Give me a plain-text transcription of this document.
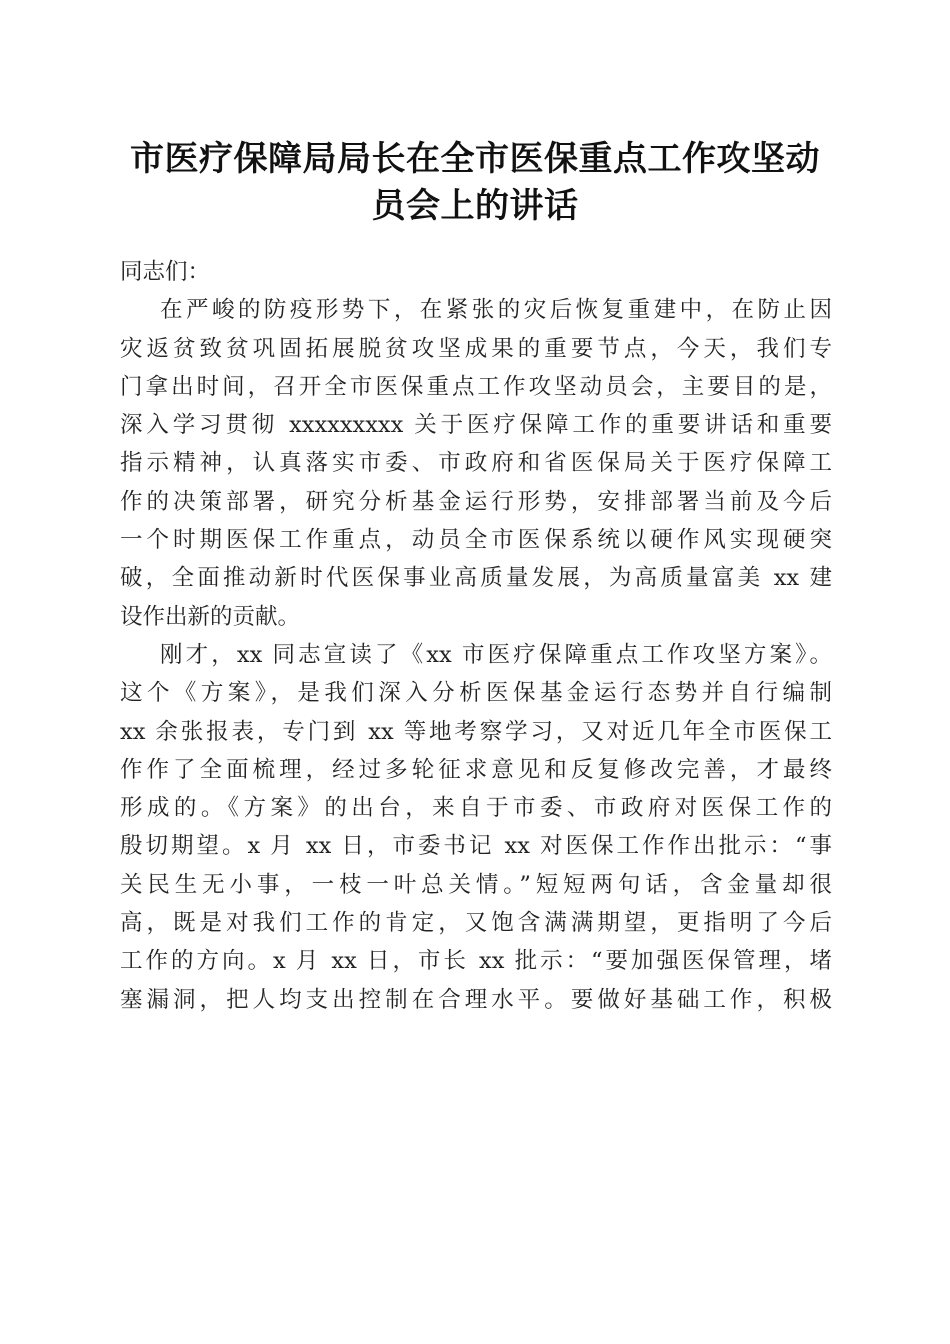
市医疗保障局局长在全市医保重点工作攻坚动
员会上的讲话
同志们：
在严峻的防疫形势下，在紧张的灾后恢复重建中，在防止因
灾返贫致贫巩固拓展脱贫攻坚成果的重要节点，今天，我们专
门拿出时间，召开全市医保重点工作攻坚动员会，主要目的是，
深入学习贯彻 xxxxxxxxx 关于医疗保障工作的重要讲话和重要
指示精神，认真落实市委、市政府和省医保局关于医疗保障工
作的决策部署，研究分析基金运行形势，安排部署当前及今后
一个时期医保工作重点，动员全市医保系统以硬作风实现硬突
破，全面推动新时代医保事业高质量发展，为高质量富美 xx 建
设作出新的贡献。
刚才，xx 同志宣读了《xx 市医疗保障重点工作攻坚方案》。
这个《方案》，是我们深入分析医保基金运行态势并自行编制
xx 余张报表，专门到 xx 等地考察学习，又对近几年全市医保工
作作了全面梳理，经过多轮征求意见和反复修改完善，才最终
形成的。《方案》的出台，来自于市委、市政府对医保工作的
殷切期望。x 月 xx 日，市委书记 xx 对医保工作作出批示：“事
关民生无小事，一枝一叶总关情。”短短两句话，含金量却很
高，既是对我们工作的肯定，又饱含满满期望，更指明了今后
工作的方向。x 月 xx 日，市长 xx 批示：“要加强医保管理，堵
塞漏洞，把人均支出控制在合理水平。要做好基础工作，积极
